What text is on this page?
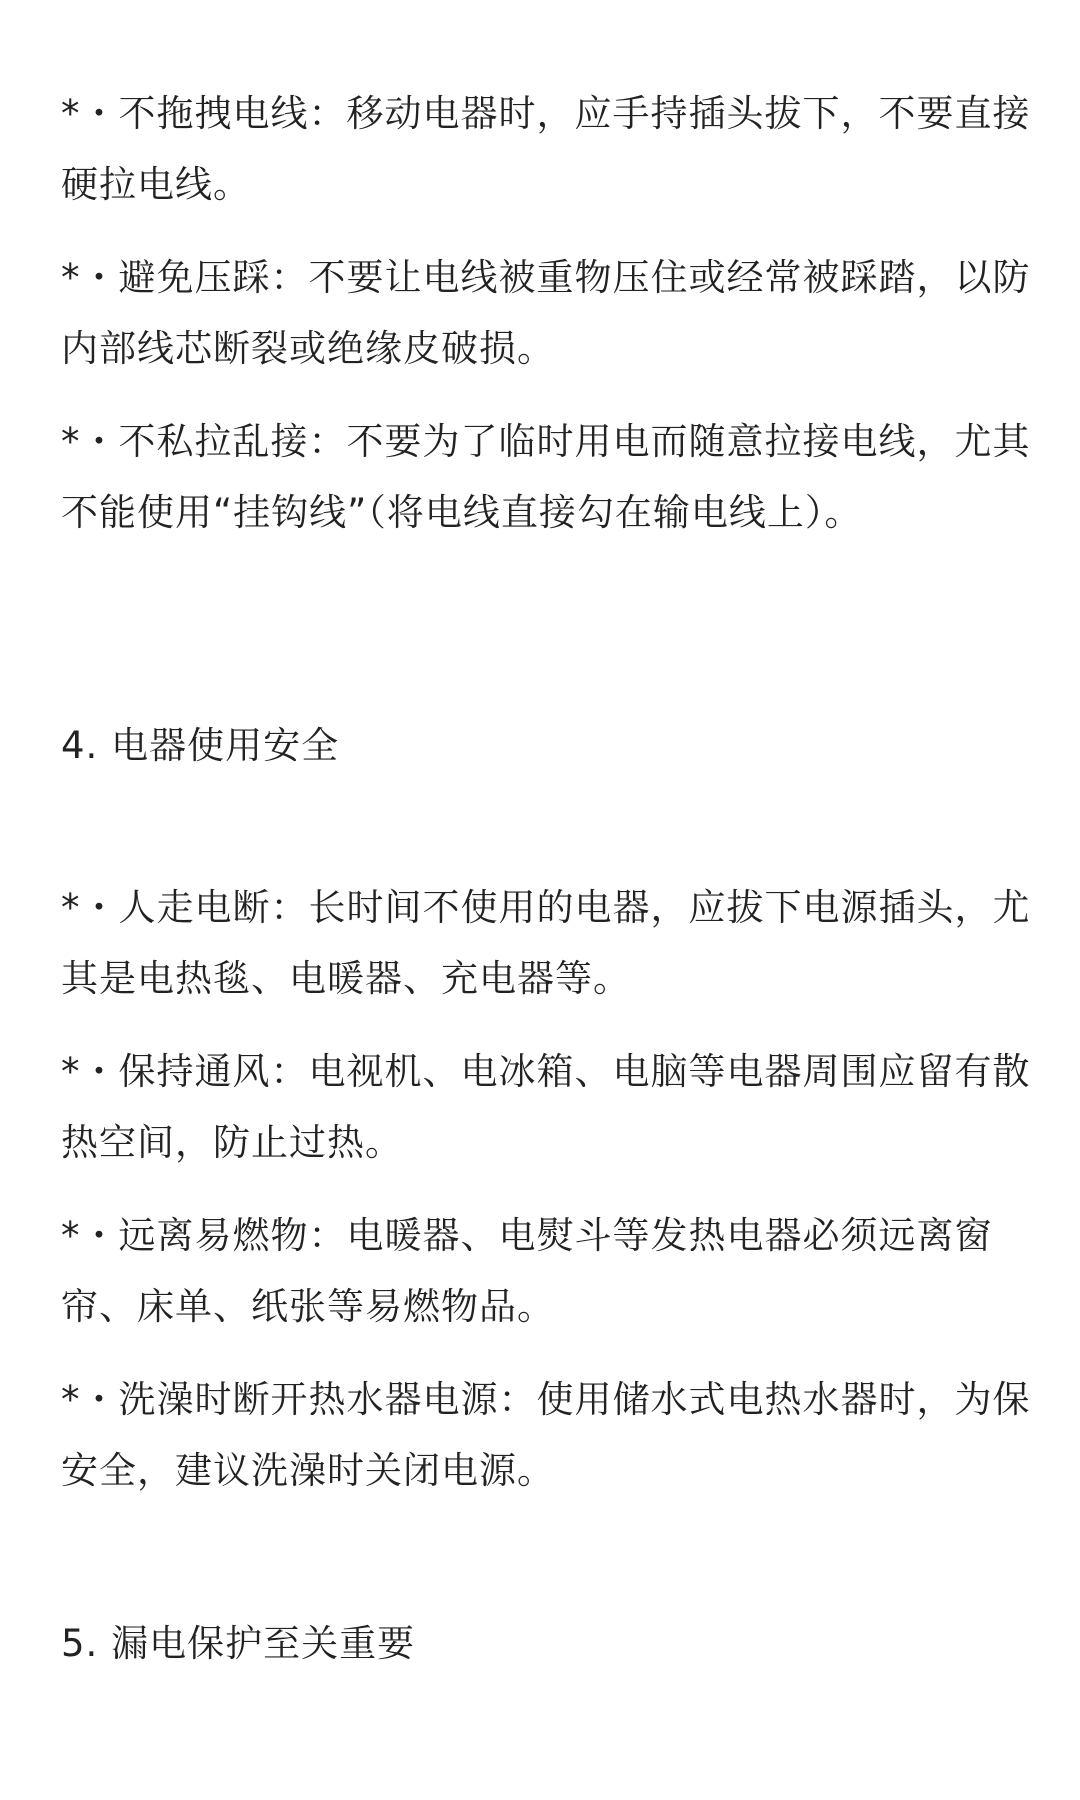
*・不拖拽电线：移动电器时，应手持插头拔下，不要直接硬拉电线。
*・避免压踩：不要让电线被重物压住或经常被踩踏，以防内部线芯断裂或绝缘皮破损。
*・不私拉乱接：不要为了临时用电而随意拉接电线，尤其不能使用“挂钩线”（将电线直接勾在输电线上）。
4. 电器使用安全
*・人走电断：长时间不使用的电器，应拔下电源插头，尤其是电热毯、电暖器、充电器等。
*・保持通风：电视机、电冰箱、电脑等电器周围应留有散热空间，防止过热。
*・远离易燃物：电暖器、电熨斗等发热电器必须远离窗帘、床单、纸张等易燃物品。
*・洗澡时断开热水器电源：使用储水式电热水器时，为保安全，建议洗澡时关闭电源。
5. 漏电保护至关重要
